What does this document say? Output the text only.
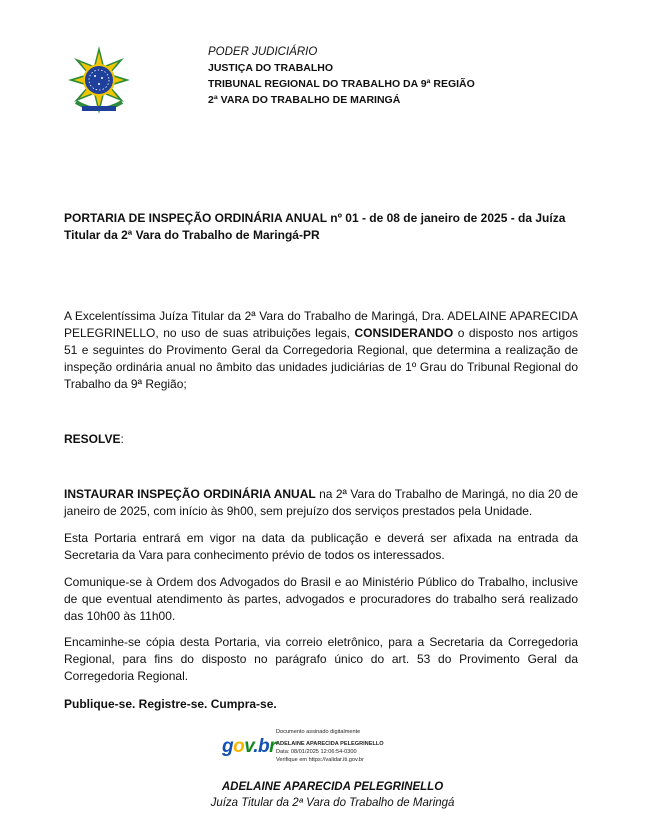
PODER JUDICIÁRIO
JUSTIÇA DO TRABALHO
TRIBUNAL REGIONAL DO TRABALHO DA 9ª REGIÃO
2ª VARA DO TRABALHO DE MARINGÁ
PORTARIA DE INSPEÇÃO ORDINÁRIA ANUAL nº 01 - de 08 de janeiro de 2025 - da Juíza Titular da 2ª Vara do Trabalho de Maringá-PR
A Excelentíssima Juíza Titular da 2ª Vara do Trabalho de Maringá, Dra. ADELAINE APARECIDA PELEGRINELLO, no uso de suas atribuições legais, CONSIDERANDO o disposto nos artigos 51 e seguintes do Provimento Geral da Corregedoria Regional, que determina a realização de inspeção ordinária anual no âmbito das unidades judiciárias de 1º Grau do Tribunal Regional do Trabalho da 9ª Região;
RESOLVE:
INSTAURAR INSPEÇÃO ORDINÁRIA ANUAL na 2ª Vara do Trabalho de Maringá, no dia 20 de janeiro de 2025, com início às 9h00, sem prejuízo dos serviços prestados pela Unidade.
Esta Portaria entrará em vigor na data da publicação e deverá ser afixada na entrada da Secretaria da Vara para conhecimento prévio de todos os interessados.
Comunique-se à Ordem dos Advogados do Brasil e ao Ministério Público do Trabalho, inclusive de que eventual atendimento às partes, advogados e procuradores do trabalho será realizado das 10h00 às 11h00.
Encaminhe-se cópia desta Portaria, via correio eletrônico, para a Secretaria da Corregedoria Regional, para fins do disposto no parágrafo único do art. 53 do Provimento Geral da Corregedoria Regional.
Publique-se. Registre-se. Cumpra-se.
gov.br
Documento assinado digitalmente
ADELAINE APARECIDA PELEGRINELLO
Data: 08/01/2025 12:06:54-0300
Verifique em https://validar.iti.gov.br
ADELAINE APARECIDA PELEGRINELLO
Juíza Titular da 2ª Vara do Trabalho de Maringá
